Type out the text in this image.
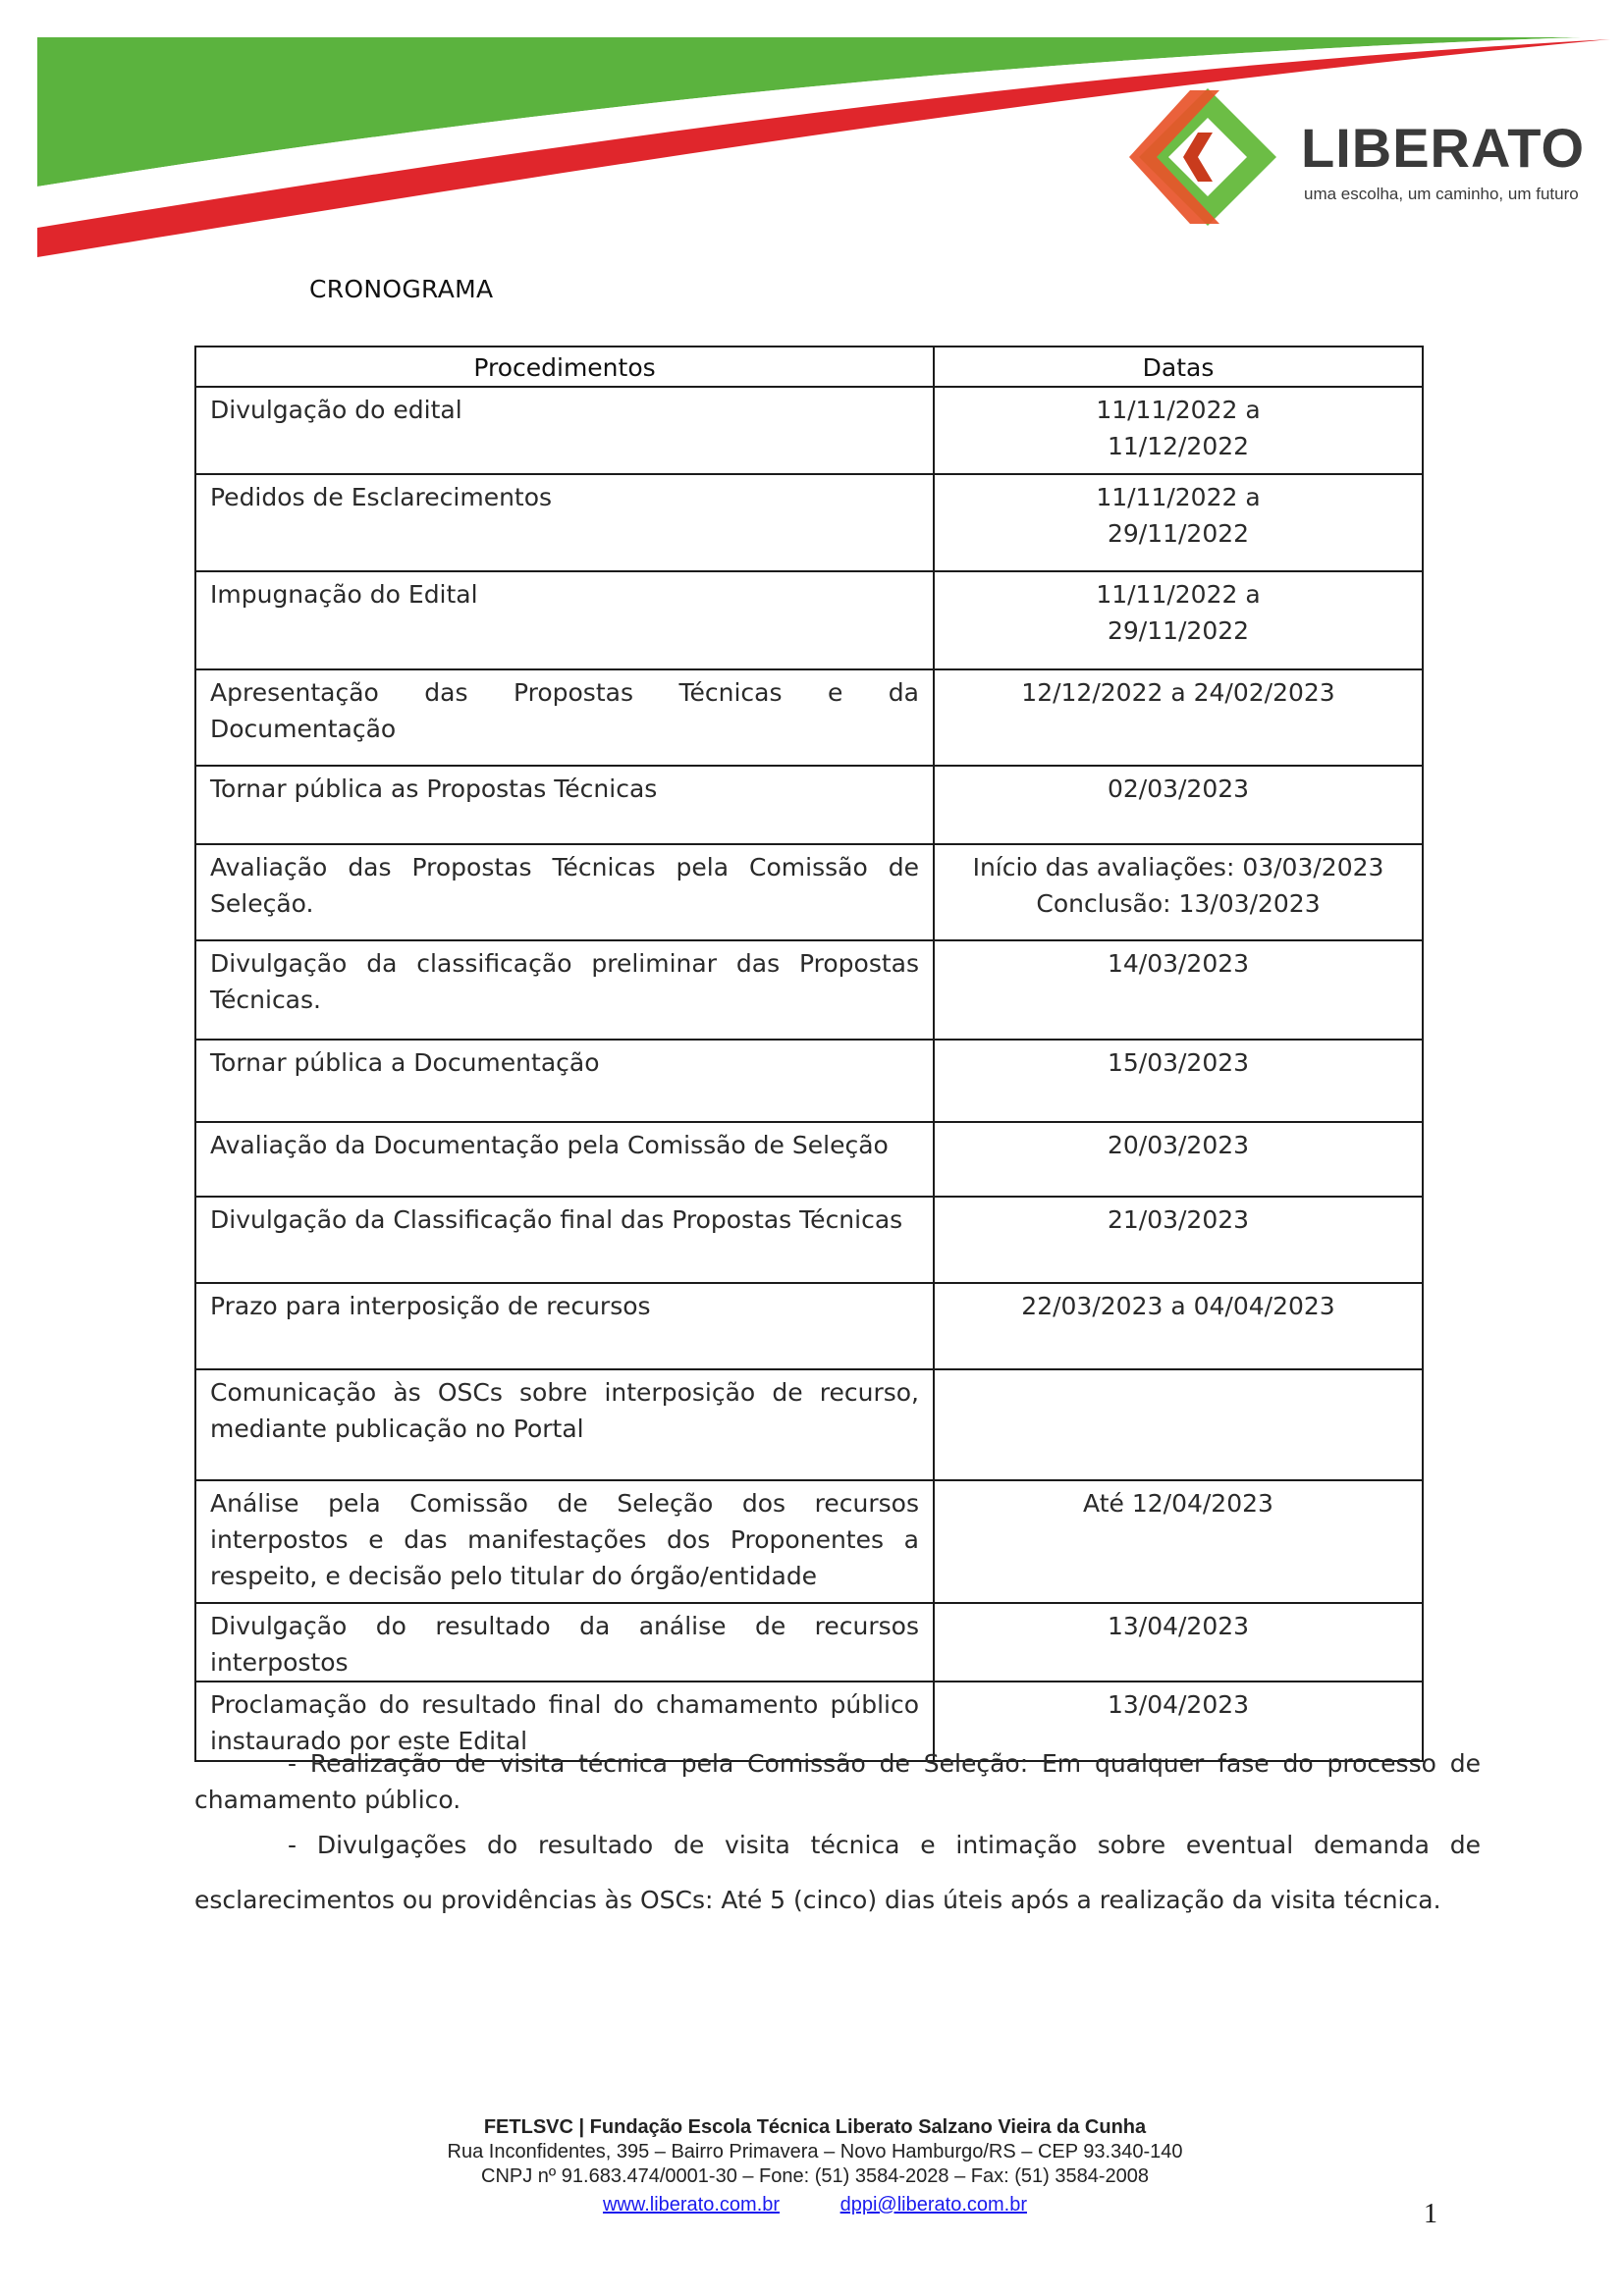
LIBERATO
uma escolha, um caminho, um futuro
CRONOGRAMA
Procedimentos	Datas
Divulgação do edital	11/11/2022 a
11/12/2022
Pedidos de Esclarecimentos	11/11/2022 a
29/11/2022
Impugnação do Edital	11/11/2022 a
29/11/2022
Apresentação das Propostas Técnicas e da Documentação	12/12/2022 a 24/02/2023
Tornar pública as Propostas Técnicas	02/03/2023
Avaliação das Propostas Técnicas pela Comissão de Seleção.	Início das avaliações: 03/03/2023
Conclusão: 13/03/2023
Divulgação da classificação preliminar das Propostas Técnicas.	14/03/2023
Tornar pública a Documentação	15/03/2023
Avaliação da Documentação pela Comissão de Seleção	20/03/2023
Divulgação da Classificação final das Propostas Técnicas	21/03/2023
Prazo para interposição de recursos	22/03/2023 a 04/04/2023
Comunicação às OSCs sobre interposição de recurso, mediante publicação no Portal	
Análise pela Comissão de Seleção dos recursos interpostos e das manifestações dos Proponentes a respeito, e decisão pelo titular do órgão/entidade	Até 12/04/2023
Divulgação do resultado da análise de recursos interpostos	13/04/2023
Proclamação do resultado final do chamamento público instaurado por este Edital	13/04/2023

- Realização de visita técnica pela Comissão de Seleção: Em qualquer fase do processo de chamamento público.

- Divulgações do resultado de visita técnica e intimação sobre eventual demanda de esclarecimentos ou providências às OSCs: Até 5 (cinco) dias úteis após a realização da visita técnica.

FETLSVC | Fundação Escola Técnica Liberato Salzano Vieira da Cunha
Rua Inconfidentes, 395 – Bairro Primavera – Novo Hamburgo/RS – CEP 93.340-140
CNPJ nº 91.683.474/0001-30 – Fone: (51) 3584-2028 – Fax: (51) 3584-2008
www.liberato.com.br	dppi@liberato.com.br	1
